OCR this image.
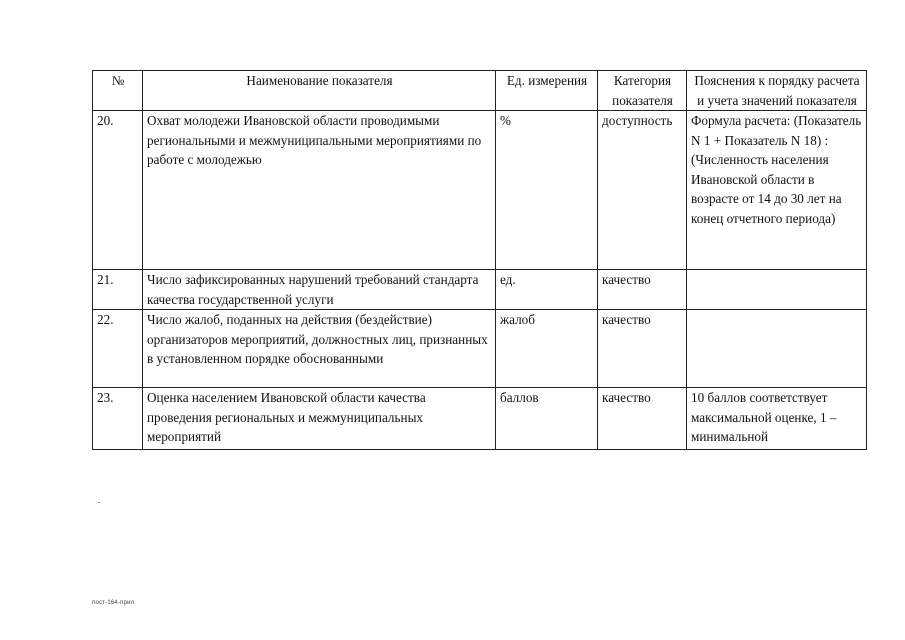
№	Наименование показателя	Ед. измерения	Категория показателя	Пояснения к порядку расчета и учета значений показателя
20.	Охват молодежи Ивановской области проводимыми региональными и межмуниципальными мероприятиями по работе с молодежью	%	доступность	Формула расчета: (Показатель N 1 + Показатель N 18) : (Численность населения Ивановской области в возрасте от 14 до 30 лет на конец отчетного периода)
21.	Число зафиксированных нарушений требований стандарта качества государственной услуги	ед.	качество	
22.	Число жалоб, поданных на действия (бездействие) организаторов мероприятий, должностных лиц, признанных в установленном порядке обоснованными	жалоб	качество	
23.	Оценка населением Ивановской области качества проведения региональных и межмуниципальных мероприятий	баллов	качество	10 баллов соответствует максимальной оценке, 1 – минимальной
пост-164-прил
